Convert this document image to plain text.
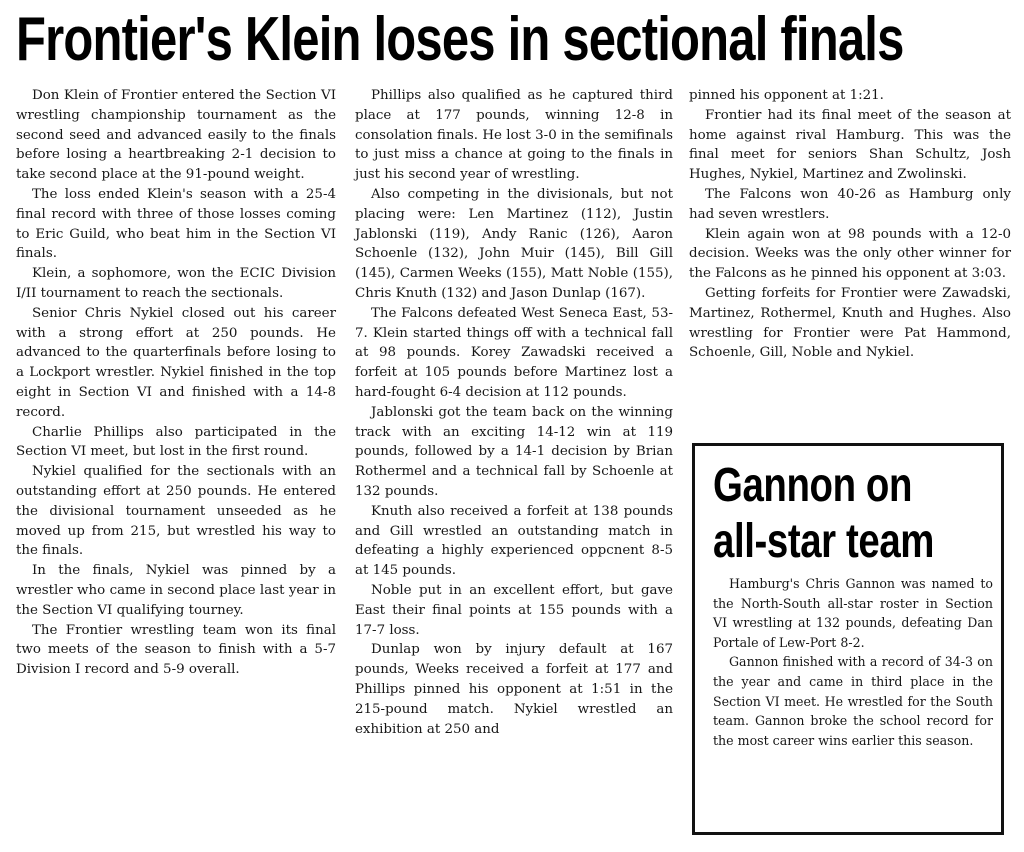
Frontier's Klein loses in sectional finals

Don Klein of Frontier entered the Section VI wrestling championship tournament as the second seed and advanced easily to the finals before losing a heartbreaking 2-1 decision to take second place at the 91-pound weight.

The loss ended Klein's season with a 25-4 final record with three of those losses coming to Eric Guild, who beat him in the Section VI finals.

Klein, a sophomore, won the ECIC Division I/II tournament to reach the sectionals.

Senior Chris Nykiel closed out his career with a strong effort at 250 pounds. He advanced to the quarterfinals before losing to a Lockport wrestler. Nykiel finished in the top eight in Section VI and finished with a 14-8 record.

Charlie Phillips also participated in the Section VI meet, but lost in the first round.

Nykiel qualified for the sectionals with an outstanding effort at 250 pounds. He entered the divisional tournament unseeded as he moved up from 215, but wrestled his way to the finals.

In the finals, Nykiel was pinned by a wrestler who came in second place last year in the Section VI qualifying tourney.

The Frontier wrestling team won its final two meets of the season to finish with a 5-7 Division I record and 5-9 overall.

Phillips also qualified as he captured third place at 177 pounds, winning 12-8 in consolation finals. He lost 3-0 in the semifinals to just miss a chance at going to the finals in just his second year of wrestling.

Also competing in the divisionals, but not placing were: Len Martinez (112), Justin Jablonski (119), Andy Ranic (126), Aaron Schoenle (132), John Muir (145), Bill Gill (145), Carmen Weeks (155), Matt Noble (155), Chris Knuth (132) and Jason Dunlap (167).

The Falcons defeated West Seneca East, 53-7. Klein started things off with a technical fall at 98 pounds. Korey Zawadski received a forfeit at 105 pounds before Martinez lost a hard-fought 6-4 decision at 112 pounds.

Jablonski got the team back on the winning track with an exciting 14-12 win at 119 pounds, followed by a 14-1 decision by Brian Rothermel and a technical fall by Schoenle at 132 pounds.

Knuth also received a forfeit at 138 pounds and Gill wrestled an outstanding match in defeating a highly experienced oppcnent 8-5 at 145 pounds.

Noble put in an excellent effort, but gave East their final points at 155 pounds with a 17-7 loss.

Dunlap won by injury default at 167 pounds, Weeks received a forfeit at 177 and Phillips pinned his opponent at 1:51 in the 215-pound match. Nykiel wrestled an exhibition at 250 and

pinned his opponent at 1:21.

Frontier had its final meet of the season at home against rival Hamburg. This was the final meet for seniors Shan Schultz, Josh Hughes, Nykiel, Martinez and Zwolinski.

The Falcons won 40-26 as Hamburg only had seven wrestlers.

Klein again won at 98 pounds with a 12-0 decision. Weeks was the only other winner for the Falcons as he pinned his opponent at 3:03.

Getting forfeits for Frontier were Zawadski, Martinez, Rothermel, Knuth and Hughes. Also wrestling for Frontier were Pat Hammond, Schoenle, Gill, Noble and Nykiel.

Gannon on
all-star team

Hamburg's Chris Gannon was named to the North-South all-star roster in Section VI wrestling at 132 pounds, defeating Dan Portale of Lew-Port 8-2.

Gannon finished with a record of 34-3 on the year and came in third place in the Section VI meet. He wrestled for the South team. Gannon broke the school record for the most career wins earlier this season.
